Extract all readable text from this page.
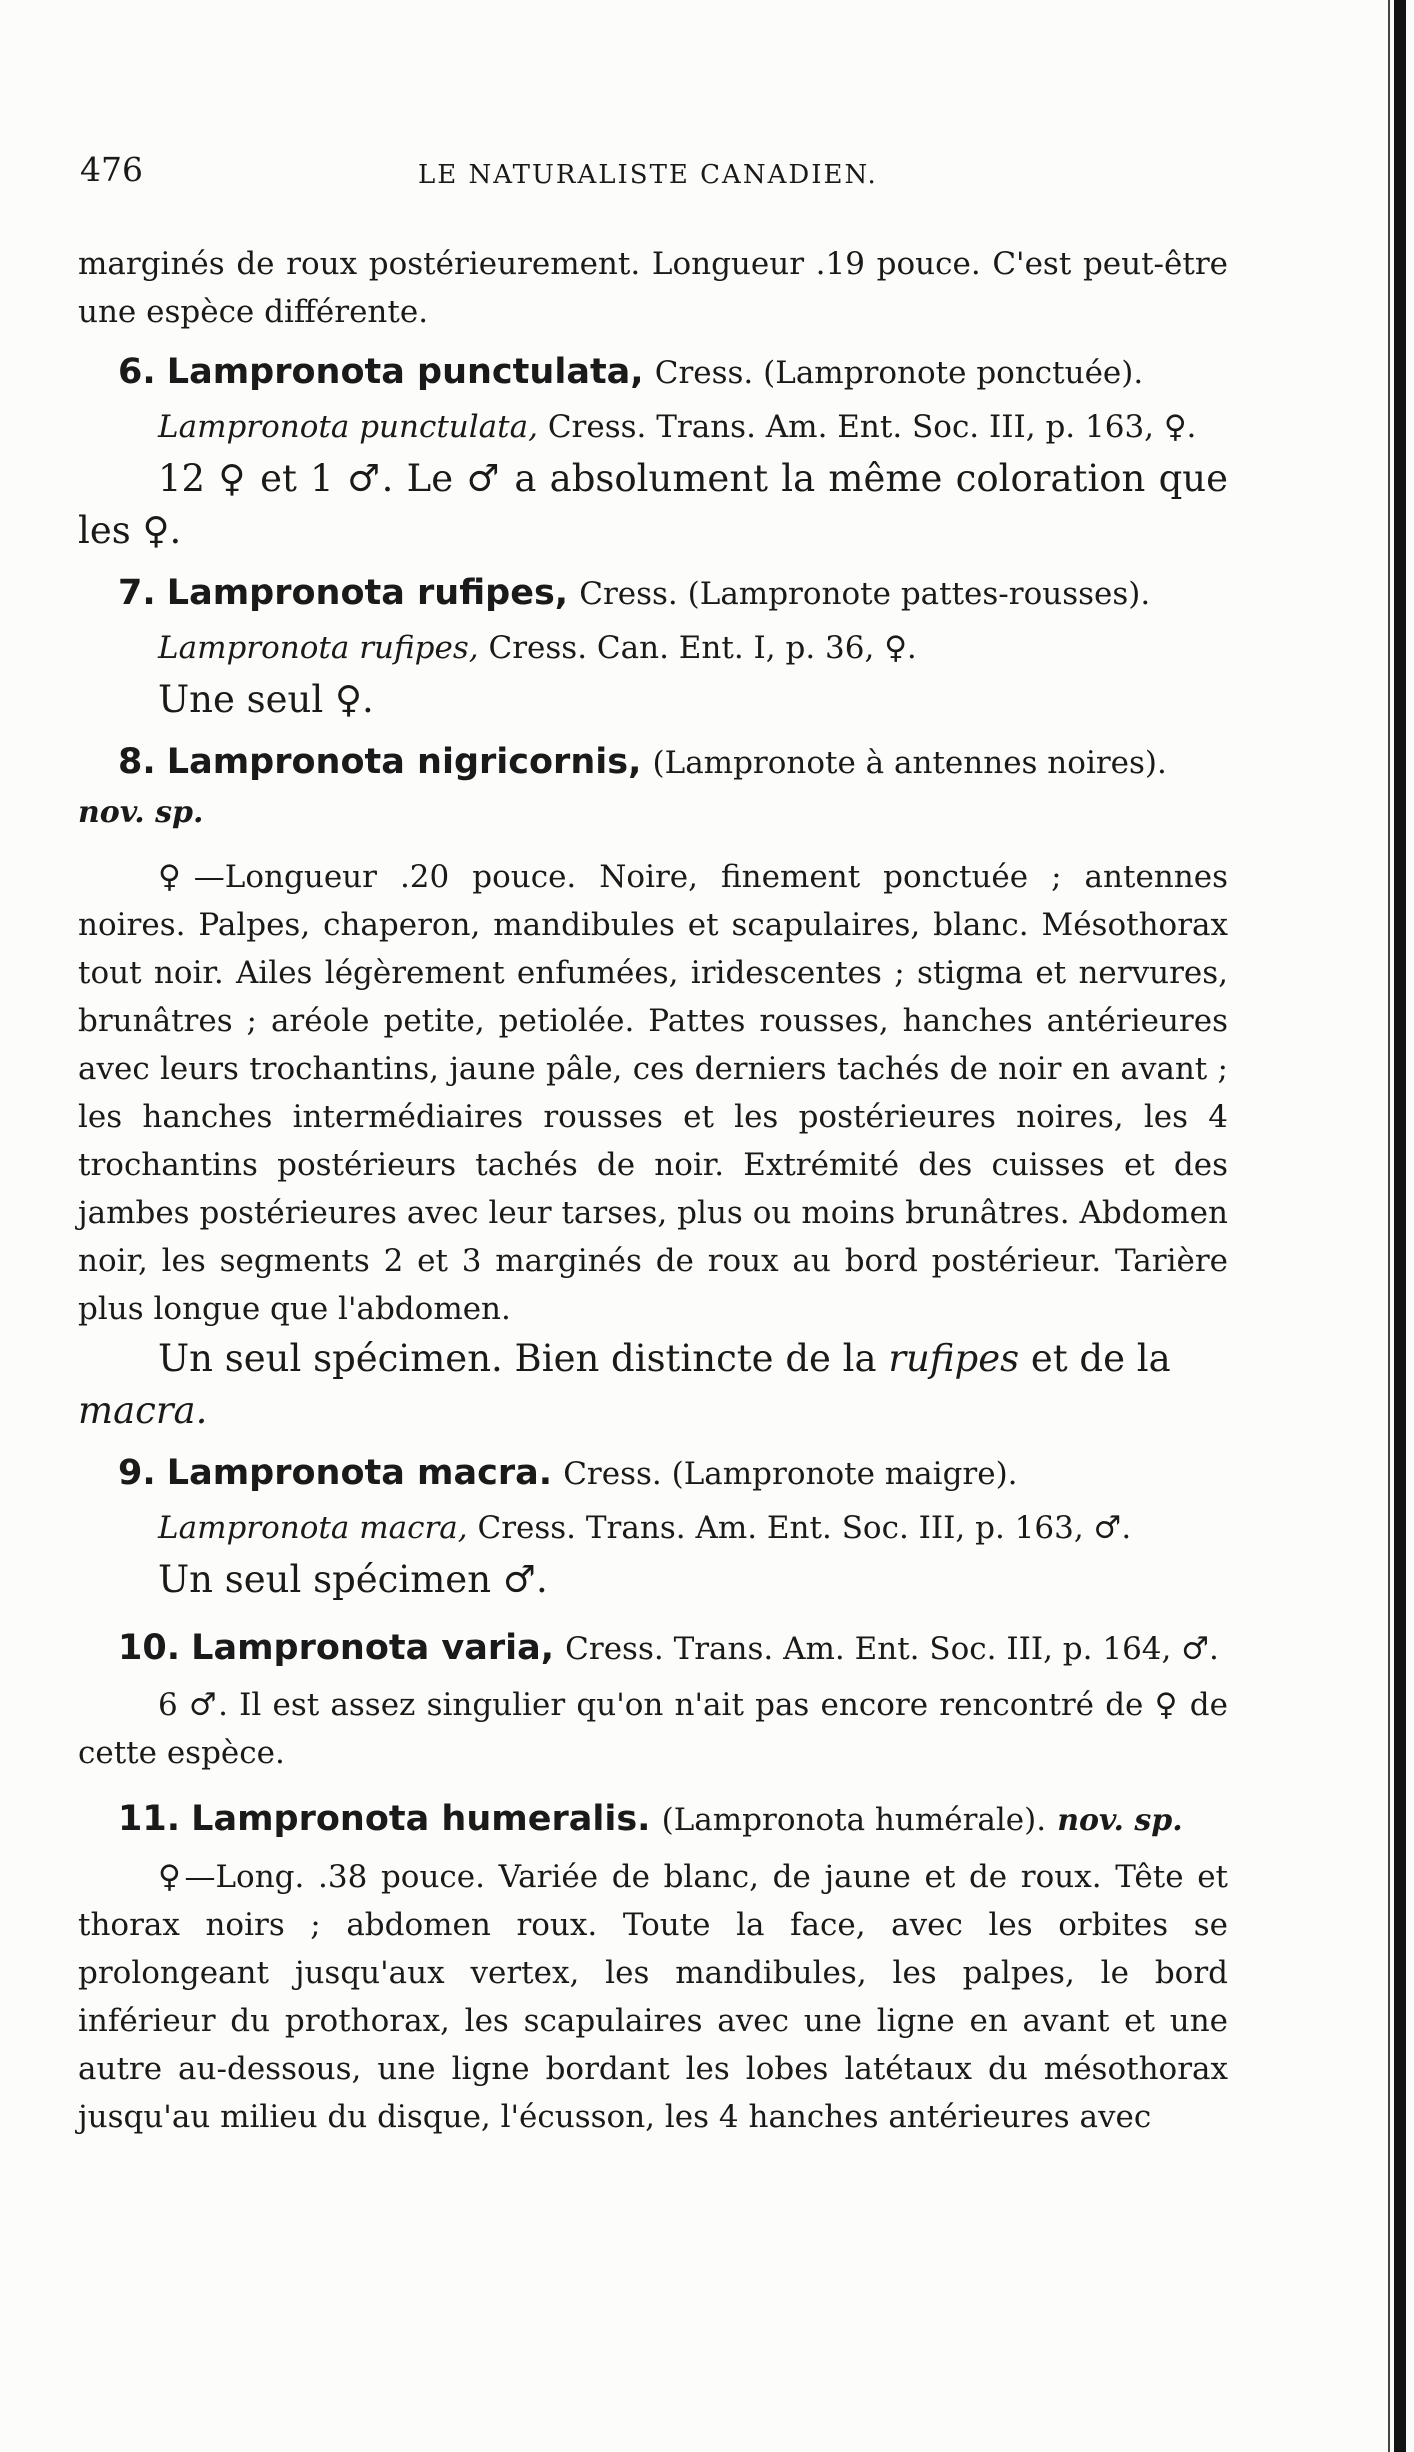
476	LE NATURALISTE CANADIEN.

marginés de roux postérieurement. Longueur .19 pouce. C'est peut-être une espèce différente.

6. Lampronota punctulata, Cress. (Lampronote ponctuée).

Lampronota punctulata, Cress. Trans. Am. Ent. Soc. III, p. 163, ♀.

12 ♀ et 1 ♂. Le ♂ a absolument la même coloration que les ♀.

7. Lampronota rufipes, Cress. (Lampronote pattes-rousses).

Lampronota rufipes, Cress. Can. Ent. I, p. 36, ♀.

Une seul ♀.

8. Lampronota nigricornis, (Lampronote à antennes noires).

nov. sp.

♀—Longueur .20 pouce. Noire, finement ponctuée ; antennes noires. Palpes, chaperon, mandibules et scapulaires, blanc. Mésothorax tout noir. Ailes légèrement enfumées, iridescentes ; stigma et nervures, brunâtres ; aréole petite, petiolée. Pattes rousses, hanches antérieures avec leurs trochantins, jaune pâle, ces derniers tachés de noir en avant ; les hanches intermédiaires rousses et les postérieures noires, les 4 trochantins postérieurs tachés de noir. Extrémité des cuisses et des jambes postérieures avec leur tarses, plus ou moins brunâtres. Abdomen noir, les segments 2 et 3 marginés de roux au bord postérieur. Tarière plus longue que l'abdomen.

Un seul spécimen. Bien distincte de la rufipes et de la macra.

9. Lampronota macra. Cress. (Lampronote maigre).

Lampronota macra, Cress. Trans. Am. Ent. Soc. III, p. 163, ♂.

Un seul spécimen ♂.

10. Lampronota varia, Cress. Trans. Am. Ent. Soc. III, p. 164, ♂.

6 ♂. Il est assez singulier qu'on n'ait pas encore rencontré de ♀ de cette espèce.

11. Lampronota humeralis. (Lampronota humérale). nov. sp.

♀—Long. .38 pouce. Variée de blanc, de jaune et de roux. Tête et thorax noirs ; abdomen roux. Toute la face, avec les orbites se prolongeant jusqu'aux vertex, les mandibules, les palpes, le bord inférieur du prothorax, les scapulaires avec une ligne en avant et une autre au-dessous, une ligne bordant les lobes latétaux du mésothorax jusqu'au milieu du disque, l'écusson, les 4 hanches antérieures avec
